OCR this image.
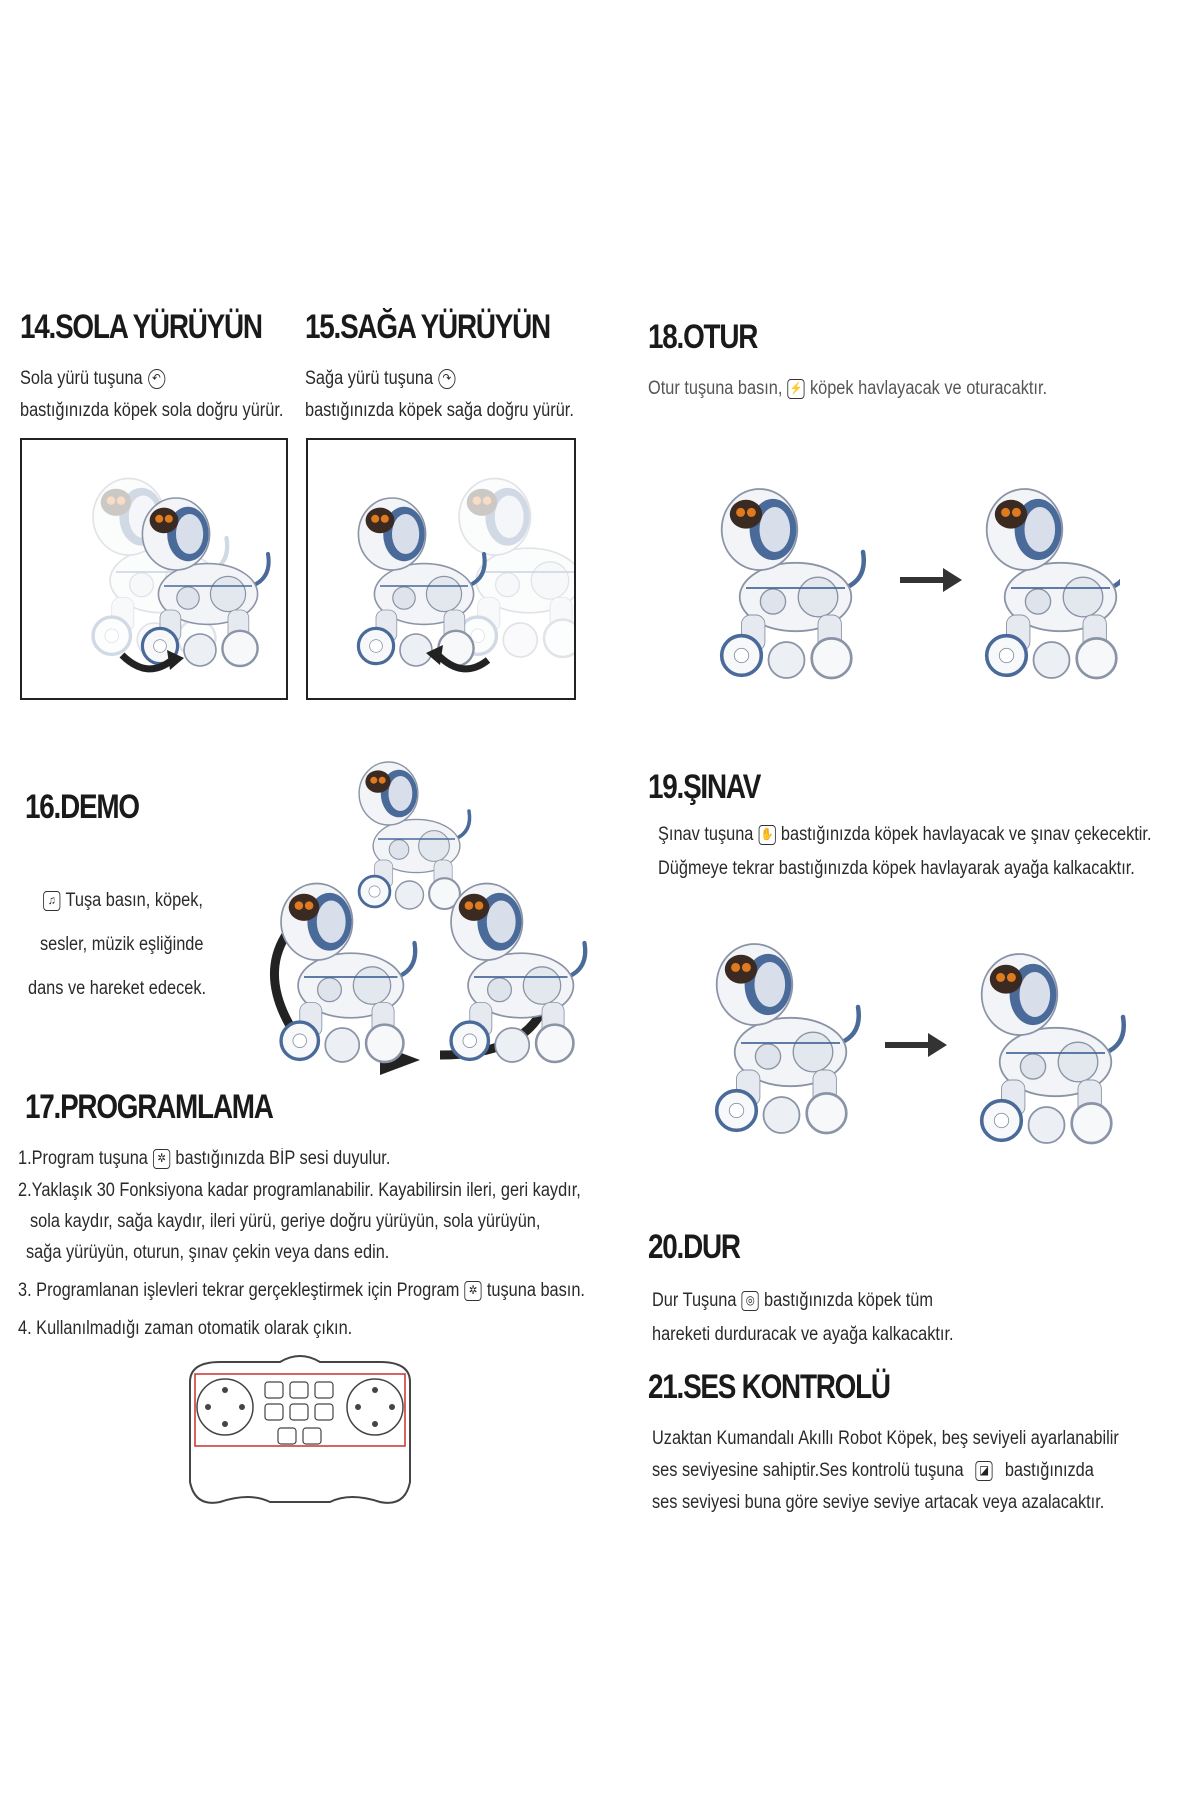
14.SOLA YÜRÜYÜN
Sola yürü tuşuna ↶
bastığınızda köpek sola doğru yürür.
15.SAĞA YÜRÜYÜN
Sağa yürü tuşuna ↷
bastığınızda köpek sağa doğru yürür.
18.OTUR
Otur tuşuna basın, ⚡ köpek havlayacak ve oturacaktır.
16.DEMO
♫ Tuşa basın, köpek,
sesler, müzik eşliğinde
dans ve hareket edecek.
19.ŞINAV
Şınav tuşuna ✋ bastığınızda köpek havlayacak ve şınav çekecektir.
Düğmeye tekrar bastığınızda köpek havlayarak ayağa kalkacaktır.
17.PROGRAMLAMA
1.Program tuşuna ✲ bastığınızda BİP sesi duyulur.
2.Yaklaşık 30 Fonksiyona kadar programlanabilir. Kayabilirsin ileri, geri kaydır,
sola kaydır, sağa kaydır, ileri yürü, geriye doğru yürüyün, sola yürüyün,
sağa yürüyün, oturun, şınav çekin veya dans edin.
3. Programlanan işlevleri tekrar gerçekleştirmek için Program ✲ tuşuna basın.
4. Kullanılmadığı zaman otomatik olarak çıkın.
20.DUR
Dur Tuşuna ◎ bastığınızda köpek tüm
hareketi durduracak ve ayağa kalkacaktır.
21.SES KONTROLÜ
Uzaktan Kumandalı Akıllı Robot Köpek, beş seviyeli ayarlanabilir
ses seviyesine sahiptir.Ses kontrolü tuşuna ◪ bastığınızda
ses seviyesi buna göre seviye seviye artacak veya azalacaktır.
